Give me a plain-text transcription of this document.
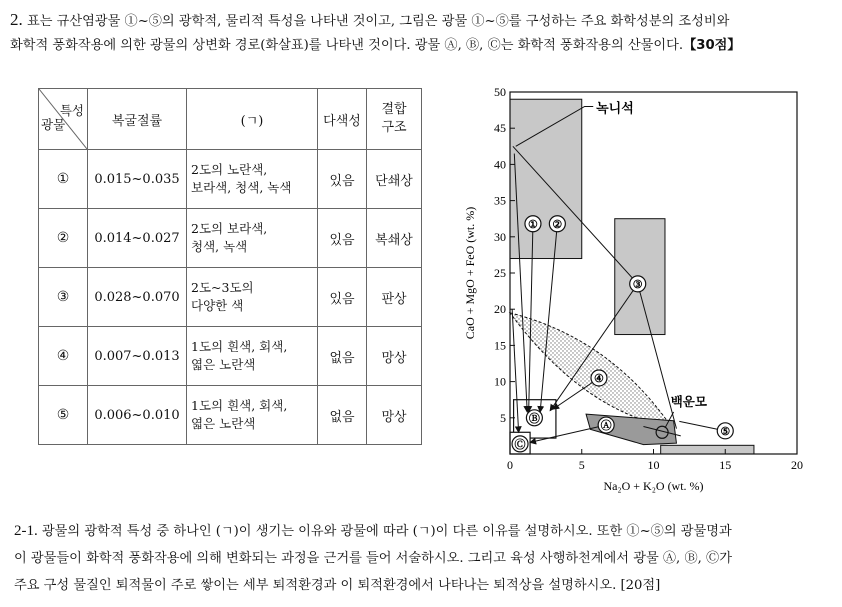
2. 표는 규산염광물 ①~⑤의 광학적, 물리적 특성을 나타낸 것이고, 그림은 광물 ①~⑤를 구성하는 주요 화학성분의 조성비와
화학적 풍화작용에 의한 광물의 상변화 경로(화살표)를 나타낸 것이다. 광물 Ⓐ, Ⓑ, Ⓒ는 화학적 풍화작용의 산물이다.【30점】
특성
광물	복굴절률	(ㄱ)	다색성	결합
구조
①	0.015~0.035	2도의 노란색,
보라색, 청색, 녹색	있음	단쇄상
②	0.014~0.027	2도의 보라색,
청색, 녹색	있음	복쇄상
③	0.028~0.070	2도~3도의
다양한 색	있음	판상
④	0.007~0.013	1도의 흰색, 회색,
엷은 노란색	없음	망상
⑤	0.006~0.010	1도의 흰색, 회색,
엷은 노란색	없음	망상
0	5	10	15	20
5
10
15
20
25
30
35
40
45
50
녹니석
백운모
① ②
③
④
⑤
Ⓐ
Ⓑ
Ⓒ
Na₂O + K₂O (wt. %)
CaO + MgO + FeO (wt. %)
2-1. 광물의 광학적 특성 중 하나인 (ㄱ)이 생기는 이유와 광물에 따라 (ㄱ)이 다른 이유를 설명하시오. 또한 ①~⑤의 광물명과
이 광물들이 화학적 풍화작용에 의해 변화되는 과정을 근거를 들어 서술하시오. 그리고 육성 사행하천계에서 광물 Ⓐ, Ⓑ, Ⓒ가
주요 구성 물질인 퇴적물이 주로 쌓이는 세부 퇴적환경과 이 퇴적환경에서 나타나는 퇴적상을 설명하시오. [20점]
